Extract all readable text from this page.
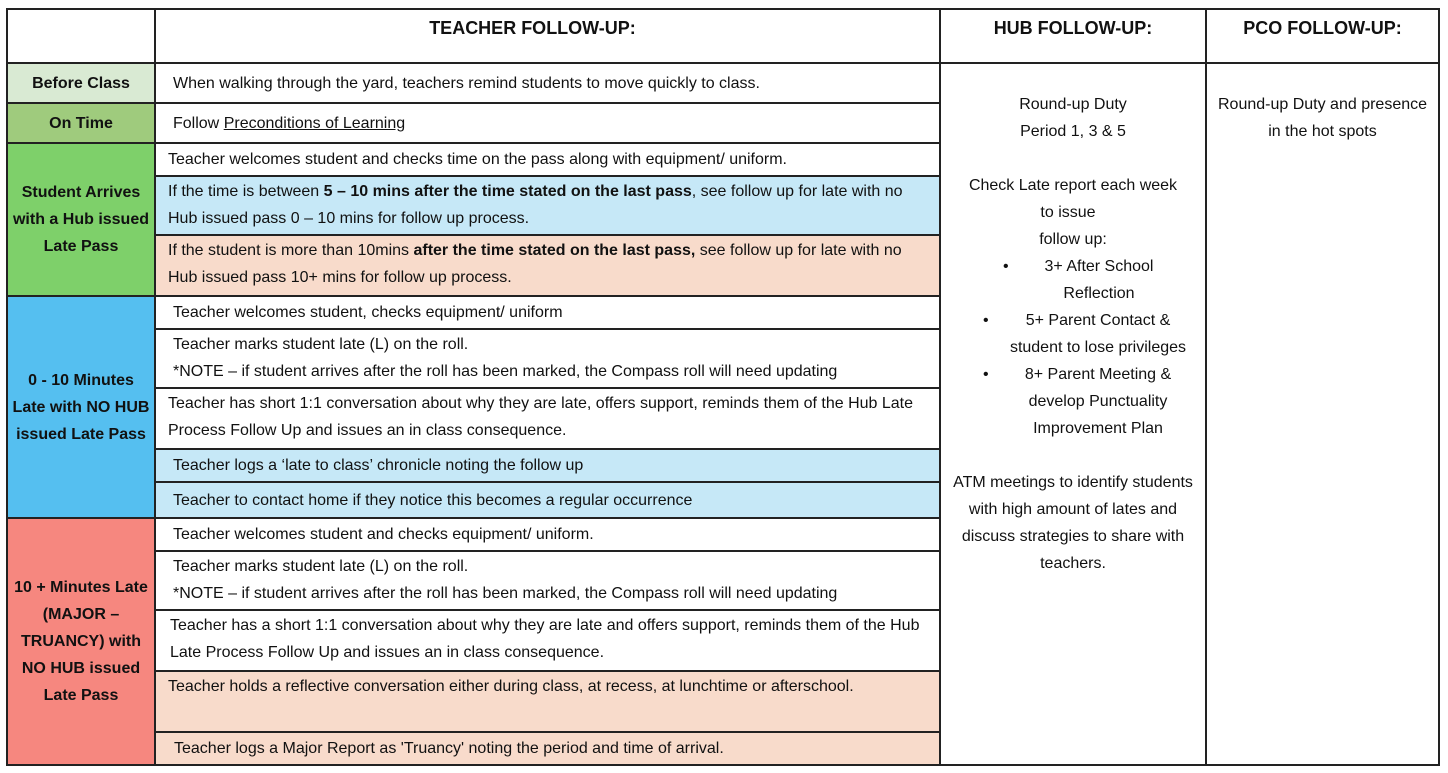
TEACHER FOLLOW-UP:	HUB FOLLOW-UP:	PCO FOLLOW-UP:
Before Class
On Time
Student Arrives with a Hub issued Late Pass
0 - 10 Minutes Late with NO HUB issued Late Pass
10 + Minutes Late (MAJOR – TRUANCY) with NO HUB issued Late Pass
When walking through the yard, teachers remind students to move quickly to class.
Follow Preconditions of Learning
Teacher welcomes student and checks time on the pass along with equipment/ uniform.
If the time is between 5 – 10 mins after the time stated on the last pass, see follow up for late with no Hub issued pass 0 – 10 mins for follow up process.
If the student is more than 10mins after the time stated on the last pass, see follow up for late with no Hub issued pass 10+ mins for follow up process.
Teacher welcomes student, checks equipment/ uniform
Teacher marks student late (L) on the roll.
*NOTE – if student arrives after the roll has been marked, the Compass roll will need updating
Teacher has short 1:1 conversation about why they are late, offers support, reminds them of the Hub Late Process Follow Up and issues an in class consequence.
Teacher logs a ‘late to class’ chronicle noting the follow up
Teacher to contact home if they notice this becomes a regular occurrence
Teacher welcomes student and checks equipment/ uniform.
Teacher marks student late (L) on the roll.
*NOTE – if student arrives after the roll has been marked, the Compass roll will need updating
Teacher has a short 1:1 conversation about why they are late and offers support, reminds them of the Hub Late Process Follow Up and issues an in class consequence.
Teacher holds a reflective conversation either during class, at recess, at lunchtime or afterschool.
Teacher logs a Major Report as 'Truancy' noting the period and time of arrival.

Round-up Duty

Period 1, 3 & 5

Check Late report each week

to issue

follow up:

• 3+ After School Reflection
• 5+ Parent Contact & student to lose privileges
• 8+ Parent Meeting & develop Punctuality Improvement Plan

ATM meetings to identify students with high amount of lates and discuss strategies to share with teachers.

Round-up Duty and presence in the hot spots
